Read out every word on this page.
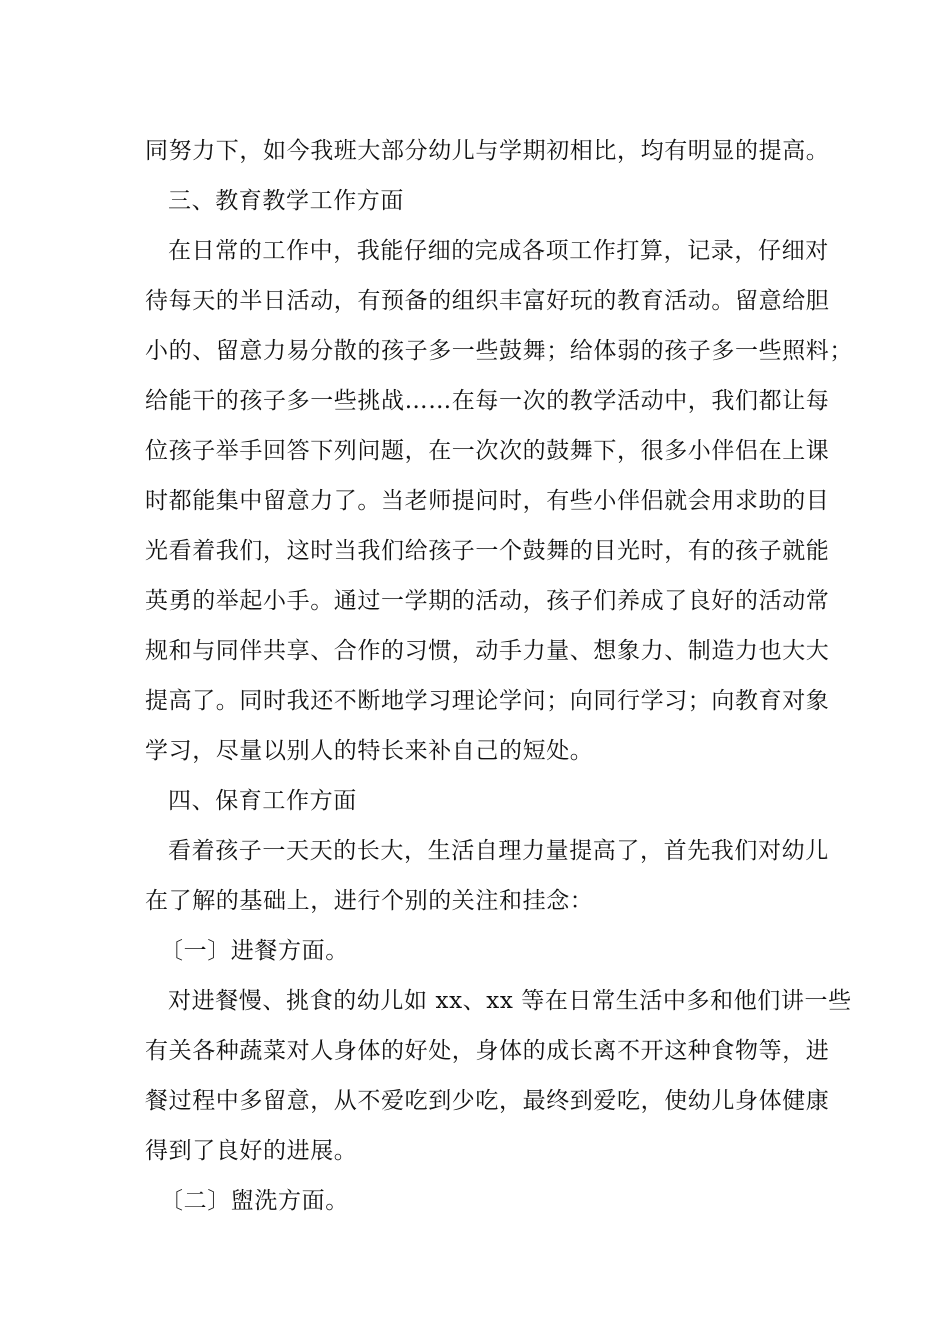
同努力下，如今我班大部分幼儿与学期初相比，均有明显的提高。
三、教育教学工作方面
在日常的工作中，我能仔细的完成各项工作打算，记录，仔细对
待每天的半日活动，有预备的组织丰富好玩的教育活动。留意给胆
小的、留意力易分散的孩子多一些鼓舞；给体弱的孩子多一些照料；
给能干的孩子多一些挑战……在每一次的教学活动中，我们都让每
位孩子举手回答下列问题，在一次次的鼓舞下，很多小伴侣在上课
时都能集中留意力了。当老师提问时，有些小伴侣就会用求助的目
光看着我们，这时当我们给孩子一个鼓舞的目光时，有的孩子就能
英勇的举起小手。通过一学期的活动，孩子们养成了良好的活动常
规和与同伴共享、合作的习惯，动手力量、想象力、制造力也大大
提高了。同时我还不断地学习理论学问；向同行学习；向教育对象
学习，尽量以别人的特长来补自己的短处。
四、保育工作方面
看着孩子一天天的长大，生活自理力量提高了，首先我们对幼儿
在了解的基础上，进行个别的关注和挂念：
〔一〕进餐方面。
对进餐慢、挑食的幼儿如 xx、xx 等在日常生活中多和他们讲一些
有关各种蔬菜对人身体的好处，身体的成长离不开这种食物等，进
餐过程中多留意，从不爱吃到少吃，最终到爱吃，使幼儿身体健康
得到了良好的进展。
〔二〕盥洗方面。
